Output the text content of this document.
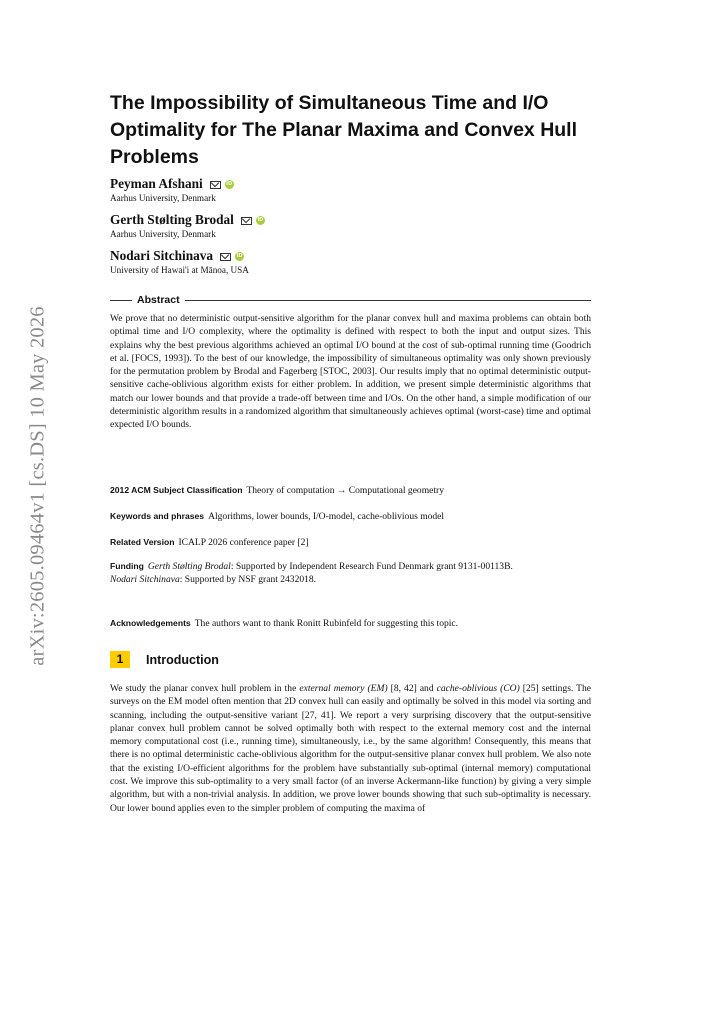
arXiv:2605.09464v1 [cs.DS] 10 May 2026
The Impossibility of Simultaneous Time and I/O Optimality for The Planar Maxima and Convex Hull Problems
Peyman Afshani	iD
Aarhus University, Denmark
Gerth Stølting Brodal	iD
Aarhus University, Denmark
Nodari Sitchinava	iD
University of Hawai'i at Mānoa, USA
Abstract

We prove that no deterministic output-sensitive algorithm for the planar convex hull and maxima problems can obtain both optimal time and I/O complexity, where the optimality is defined with respect to both the input and output sizes. This explains why the best previous algorithms achieved an optimal I/O bound at the cost of sub-optimal running time (Goodrich et al. [FOCS, 1993]). To the best of our knowledge, the impossibility of simultaneous optimality was only shown previously for the permutation problem by Brodal and Fagerberg [STOC, 2003]. Our results imply that no optimal deterministic output-sensitive cache-oblivious algorithm exists for either problem. In addition, we present simple deterministic algorithms that match our lower bounds and that provide a trade-off between time and I/Os. On the other hand, a simple modification of our deterministic algorithm results in a randomized algorithm that simultaneously achieves optimal (worst-case) time and optimal expected I/O bounds.

2012 ACM Subject Classification Theory of computation → Computational geometry
Keywords and phrases Algorithms, lower bounds, I/O-model, cache-oblivious model
Related Version ICALP 2026 conference paper [2]
Funding Gerth Stølting Brodal: Supported by Independent Research Fund Denmark grant 9131-00113B.
Nodari Sitchinava: Supported by NSF grant 2432018.
Acknowledgements The authors want to thank Ronitt Rubinfeld for suggesting this topic.
1	Introduction

We study the planar convex hull problem in the external memory (EM) [8, 42] and cache-oblivious (CO) [25] settings. The surveys on the EM model often mention that 2D convex hull can easily and optimally be solved in this model via sorting and scanning, including the output-sensitive variant [27, 41]. We report a very surprising discovery that the output-sensitive planar convex hull problem cannot be solved optimally both with respect to the external memory cost and the internal memory computational cost (i.e., running time), simultaneously, i.e., by the same algorithm! Consequently, this means that there is no optimal deterministic cache-oblivious algorithm for the output-sensitive planar convex hull problem. We also note that the existing I/O-efficient algorithms for the problem have substantially sub-optimal (internal memory) computational cost. We improve this sub-optimality to a very small factor (of an inverse Ackermann-like function) by giving a very simple algorithm, but with a non-trivial analysis. In addition, we prove lower bounds showing that such sub-optimality is necessary. Our lower bound applies even to the simpler problem of computing the maxima of
